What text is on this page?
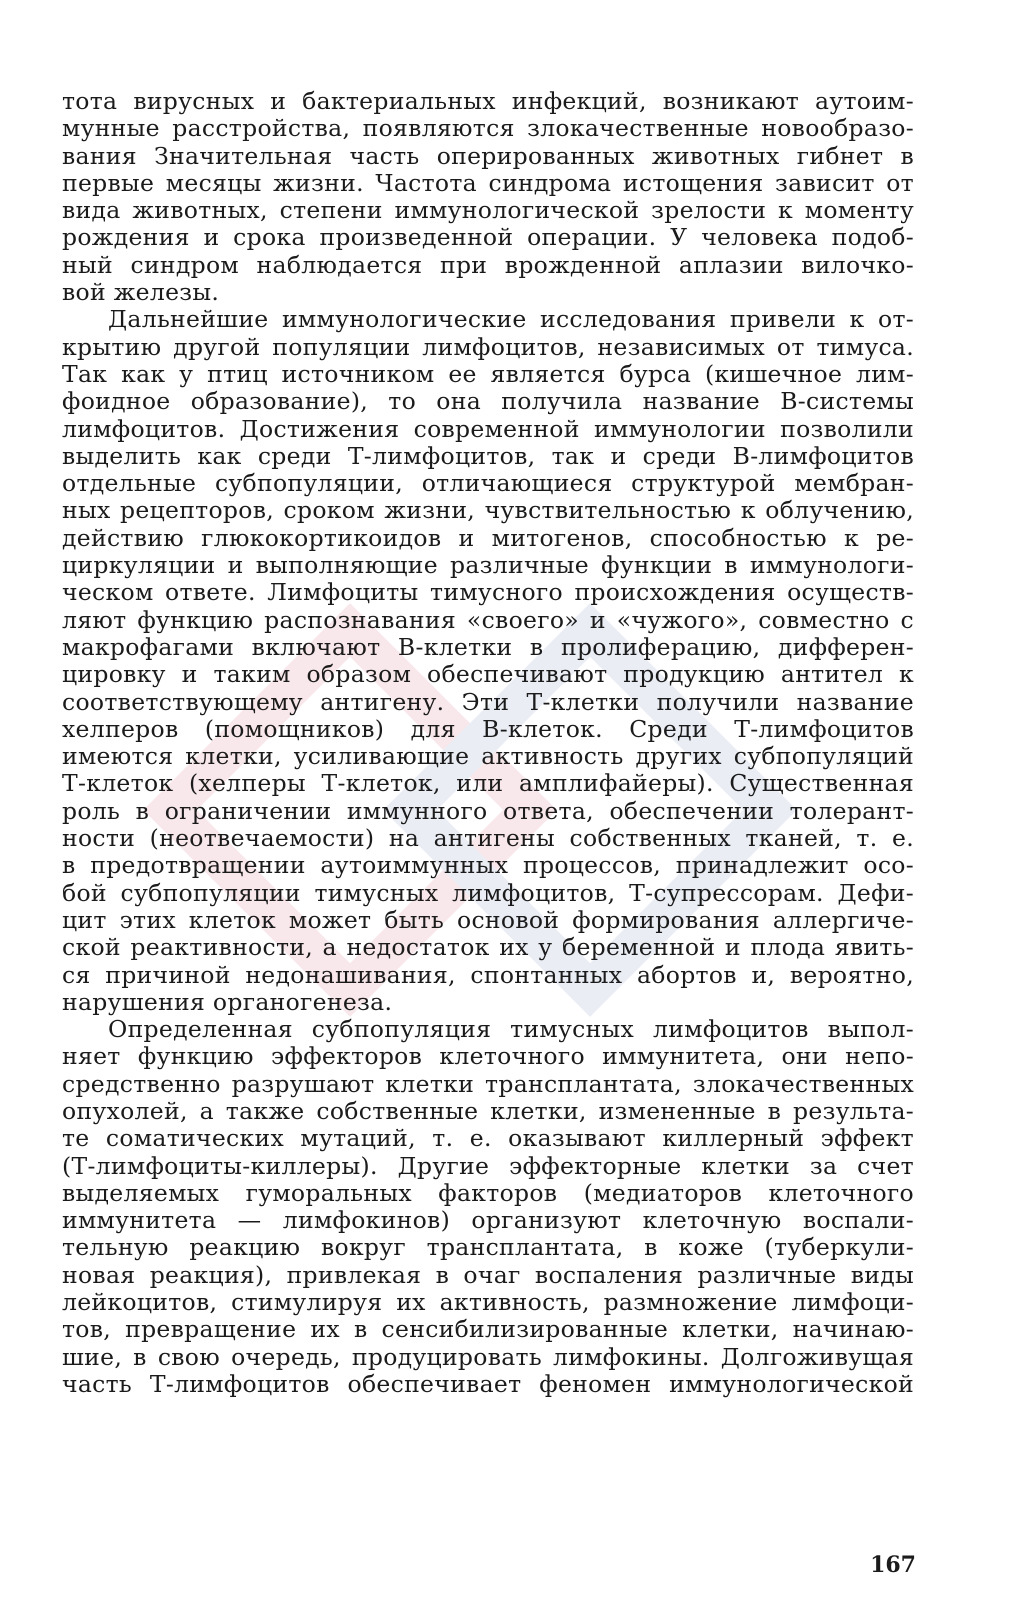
тота вирусных и бактериальных инфекций, возникают аутоим-
мунные расстройства, появляются злокачественные новообразо-
вания Значительная часть оперированных животных гибнет в
первые месяцы жизни. Частота синдрома истощения зависит от
вида животных, степени иммунологической зрелости к моменту
рождения и срока произведенной операции. У человека подоб-
ный синдром наблюдается при врожденной аплазии вилочко-
вой железы.
Дальнейшие иммунологические исследования привели к от-
крытию другой популяции лимфоцитов, независимых от тимуса.
Так как у птиц источником ее является бурса (кишечное лим-
фоидное образование), то она получила название В-системы
лимфоцитов. Достижения современной иммунологии позволили
выделить как среди Т-лимфоцитов, так и среди В-лимфоцитов
отдельные субпопуляции, отличающиеся структурой мембран-
ных рецепторов, сроком жизни, чувствительностью к облучению,
действию глюкокортикоидов и митогенов, способностью к ре-
циркуляции и выполняющие различные функции в иммунологи-
ческом ответе. Лимфоциты тимусного происхождения осуществ-
ляют функцию распознавания «своего» и «чужого», совместно с
макрофагами включают В-клетки в пролиферацию, дифферен-
цировку и таким образом обеспечивают продукцию антител к
соответствующему антигену. Эти Т-клетки получили название
хелперов (помощников) для В-клеток. Среди Т-лимфоцитов
имеются клетки, усиливающие активность других субпопуляций
Т-клеток (хелперы Т-клеток, или амплифайеры). Существенная
роль в ограничении иммунного ответа, обеспечении толерант-
ности (неотвечаемости) на антигены собственных тканей, т. е.
в предотвращении аутоиммунных процессов, принадлежит осо-
бой субпопуляции тимусных лимфоцитов, Т-супрессорам. Дефи-
цит этих клеток может быть основой формирования аллергиче-
ской реактивности, а недостаток их у беременной и плода явить-
ся причиной недонашивания, спонтанных абортов и, вероятно,
нарушения органогенеза.
Определенная субпопуляция тимусных лимфоцитов выпол-
няет функцию эффекторов клеточного иммунитета, они непо-
средственно разрушают клетки трансплантата, злокачественных
опухолей, а также собственные клетки, измененные в результа-
те соматических мутаций, т. е. оказывают киллерный эффект
(Т-лимфоциты-киллеры). Другие эффекторные клетки за счет
выделяемых гуморальных факторов (медиаторов клеточного
иммунитета — лимфокинов) организуют клеточную воспали-
тельную реакцию вокруг трансплантата, в коже (туберкули-
новая реакция), привлекая в очаг воспаления различные виды
лейкоцитов, стимулируя их активность, размножение лимфоци-
тов, превращение их в сенсибилизированные клетки, начинаю-
шие, в свою очередь, продуцировать лимфокины. Долгоживущая
часть Т-лимфоцитов обеспечивает феномен иммунологической
167
